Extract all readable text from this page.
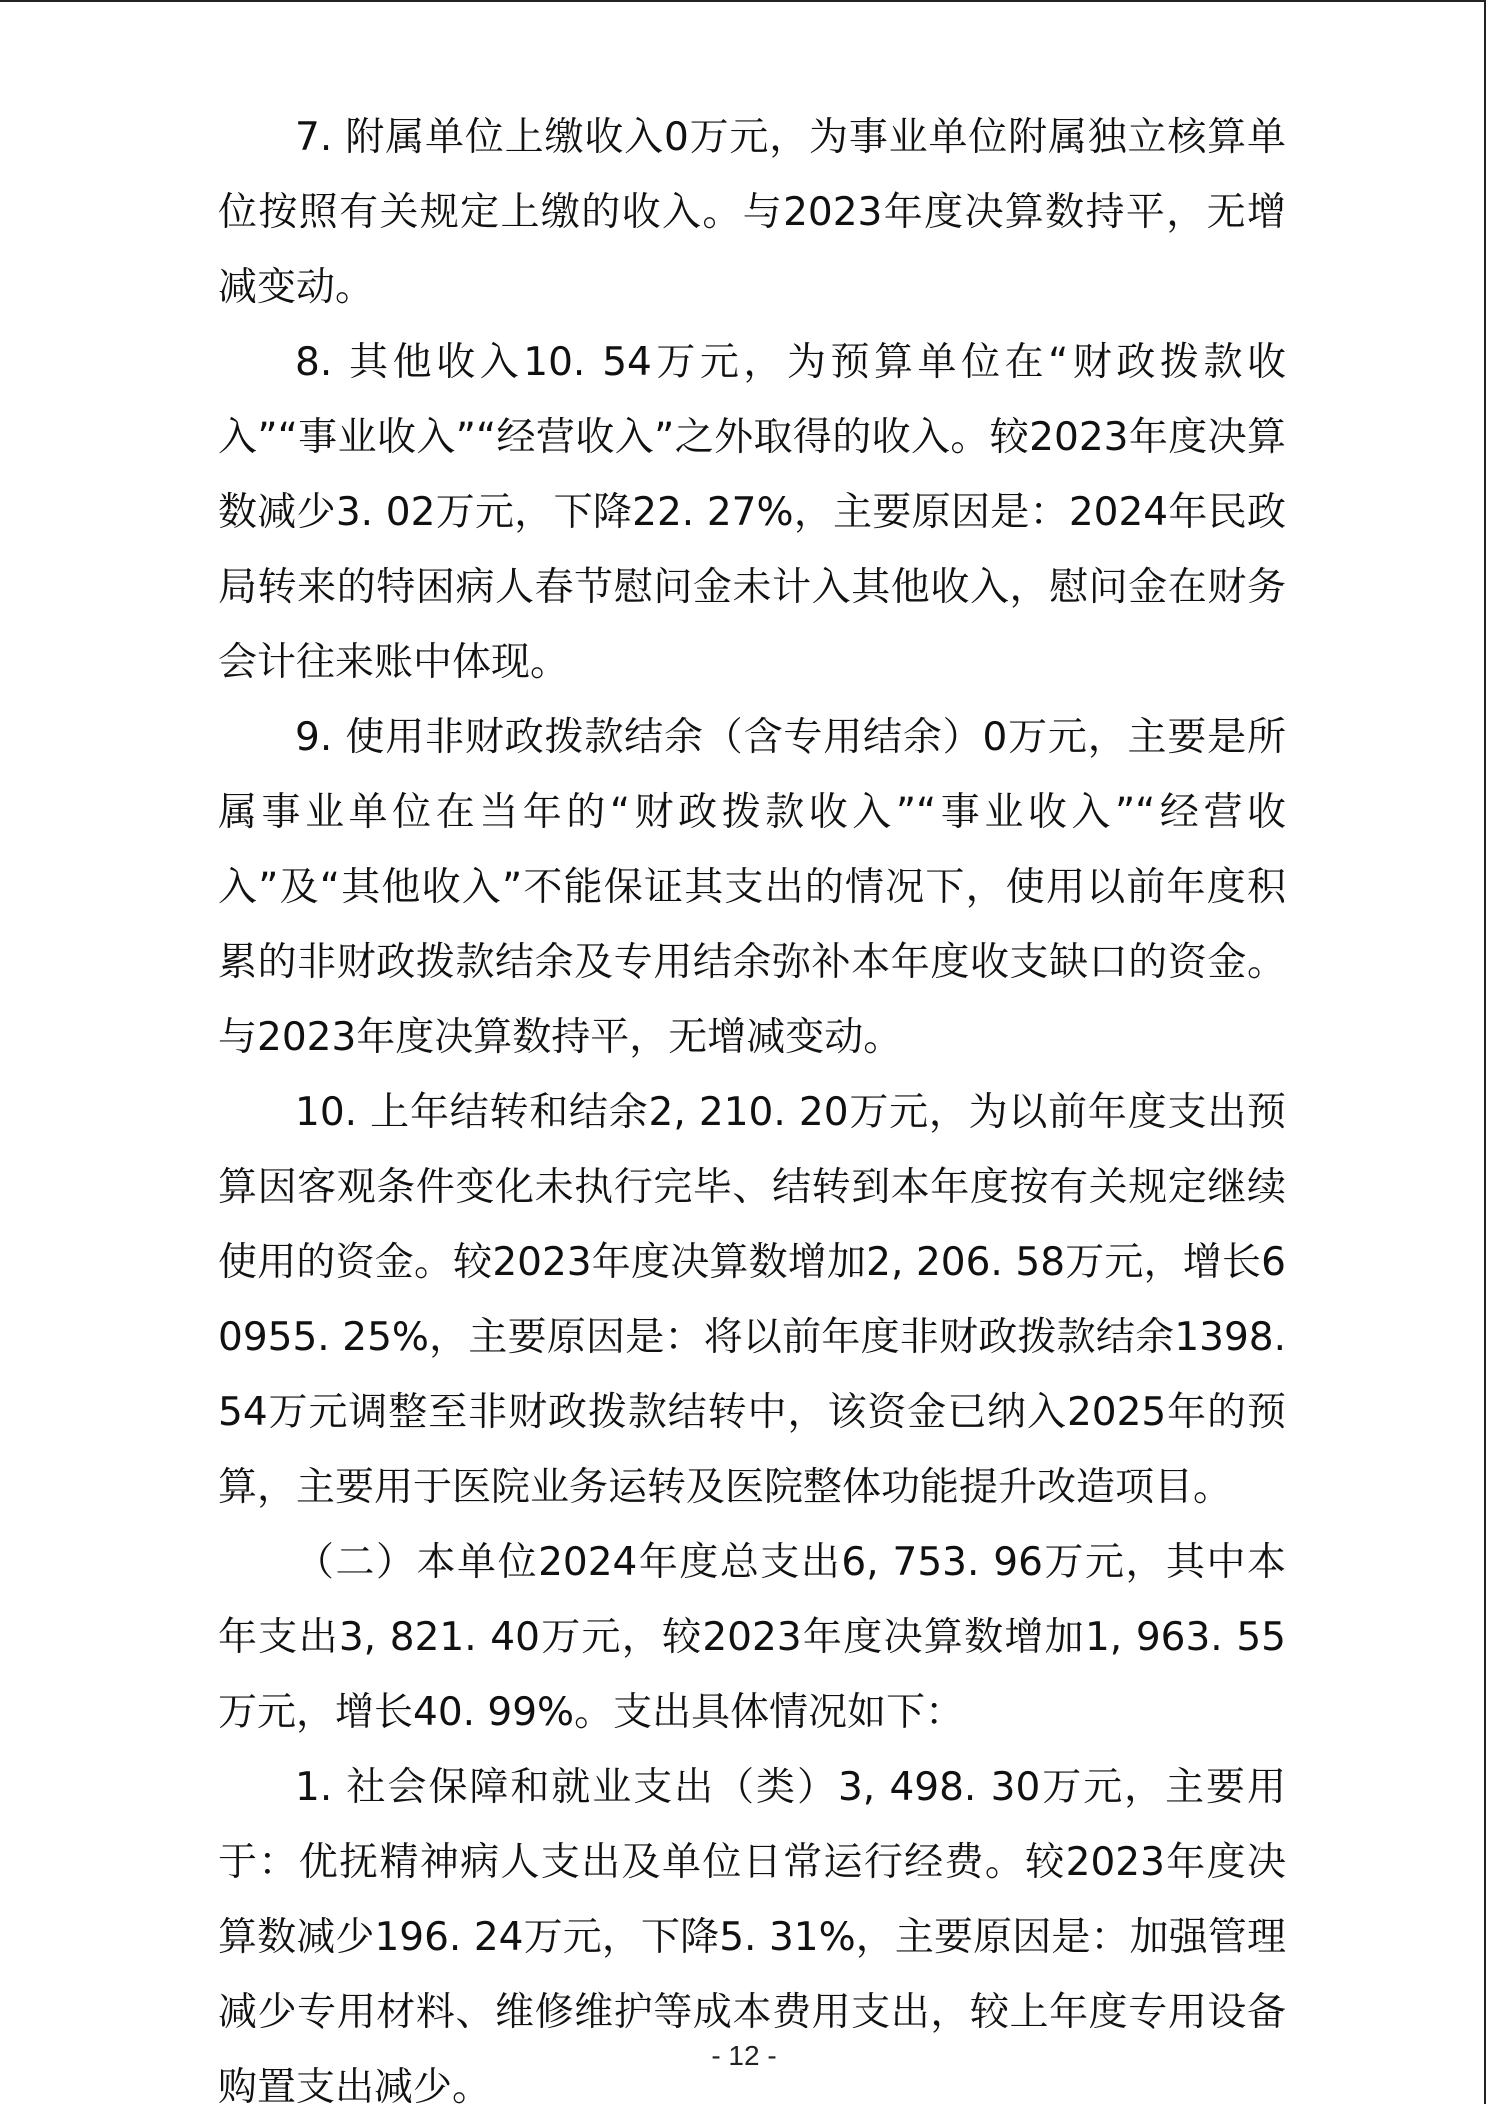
7. 附属单位上缴收入0万元，为事业单位附属独立核算单位按照有关规定上缴的收入。与2023年度决算数持平，无增减变动。

8. 其他收入10. 54万元，为预算单位在“财政拨款收入”“事业收入”“经营收入”之外取得的收入。较2023年度决算数减少3. 02万元，下降22. 27%，主要原因是：2024年民政局转来的特困病人春节慰问金未计入其他收入，慰问金在财务会计往来账中体现。

9. 使用非财政拨款结余（含专用结余）0万元，主要是所属事业单位在当年的“财政拨款收入”“事业收入”“经营收入”及“其他收入”不能保证其支出的情况下，使用以前年度积累的非财政拨款结余及专用结余弥补本年度收支缺口的资金。与2023年度决算数持平，无增减变动。

10. 上年结转和结余2, 210. 20万元，为以前年度支出预算因客观条件变化未执行完毕、结转到本年度按有关规定继续使用的资金。较2023年度决算数增加2, 206. 58万元，增长60955. 25%，主要原因是：将以前年度非财政拨款结余1398. 54万元调整至非财政拨款结转中，该资金已纳入2025年的预算，主要用于医院业务运转及医院整体功能提升改造项目。

（二）本单位2024年度总支出6, 753. 96万元，其中本年支出3, 821. 40万元，较2023年度决算数增加1, 963. 55万元，增长40. 99%。支出具体情况如下：

1. 社会保障和就业支出（类）3, 498. 30万元，主要用于：优抚精神病人支出及单位日常运行经费。较2023年度决算数减少196. 24万元，下降5. 31%，主要原因是：加强管理减少专用材料、维修维护等成本费用支出，较上年度专用设备购置支出减少。

- 12 -
